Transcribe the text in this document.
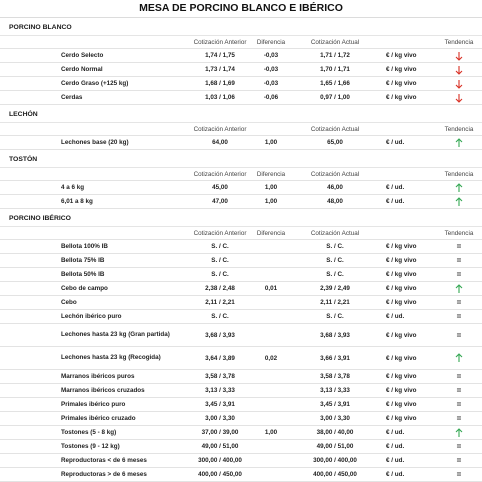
MESA DE PORCINO BLANCO E IBÉRICO
PORCINO BLANCO
	Cotización Anterior	Diferencia	Cotización Actual		Tendencia
Cerdo Selecto	1,74 / 1,75	-0,03	1,71 / 1,72	€ / kg vivo	
Cerdo Normal	1,73 / 1,74	-0,03	1,70 / 1,71	€ / kg vivo	
Cerdo Graso (+125 kg)	1,68 / 1,69	-0,03	1,65 / 1,66	€ / kg vivo	
Cerdas	1,03 / 1,06	-0,06	0,97 / 1,00	€ / kg vivo	
LECHÓN
	Cotización Anterior		Cotización Actual		Tendencia
Lechones base (20 kg)	64,00	1,00	65,00	€ / ud.	
TOSTÓN
	Cotización Anterior	Diferencia	Cotización Actual		Tendencia
4 a 6 kg	45,00	1,00	46,00	€ / ud.	
6,01 a 8 kg	47,00	1,00	48,00	€ / ud.	
PORCINO IBÉRICO
	Cotización Anterior	Diferencia	Cotización Actual		Tendencia
Bellota 100% IB	S. / C.		S. / C.	€ / kg vivo	=
Bellota 75% IB	S. / C.		S. / C.	€ / kg vivo	=
Bellota 50% IB	S. / C.		S. / C.	€ / kg vivo	=
Cebo de campo	2,38 / 2,48	0,01	2,39 / 2,49	€ / kg vivo	
Cebo	2,11 / 2,21		2,11 / 2,21	€ / kg vivo	=
Lechón ibérico puro	S. / C.		S. / C.	€ / ud.	=
Lechones hasta 23 kg (Gran partida)	3,68 / 3,93		3,68 / 3,93	€ / kg vivo	=
Lechones hasta 23 kg (Recogida)	3,64 / 3,89	0,02	3,66 / 3,91	€ / kg vivo	
Marranos ibéricos puros	3,58 / 3,78		3,58 / 3,78	€ / kg vivo	=
Marranos ibéricos cruzados	3,13 / 3,33		3,13 / 3,33	€ / kg vivo	=
Primales ibérico puro	3,45 / 3,91		3,45 / 3,91	€ / kg vivo	=
Primales ibérico cruzado	3,00 / 3,30		3,00 / 3,30	€ / kg vivo	=
Tostones (5 - 8 kg)	37,00 / 39,00	1,00	38,00 / 40,00	€ / ud.	
Tostones (9 - 12 kg)	49,00 / 51,00		49,00 / 51,00	€ / ud.	=
Reproductoras < de 6 meses	300,00 / 400,00		300,00 / 400,00	€ / ud.	=
Reproductoras > de 6 meses	400,00 / 450,00		400,00 / 450,00	€ / ud.	=
